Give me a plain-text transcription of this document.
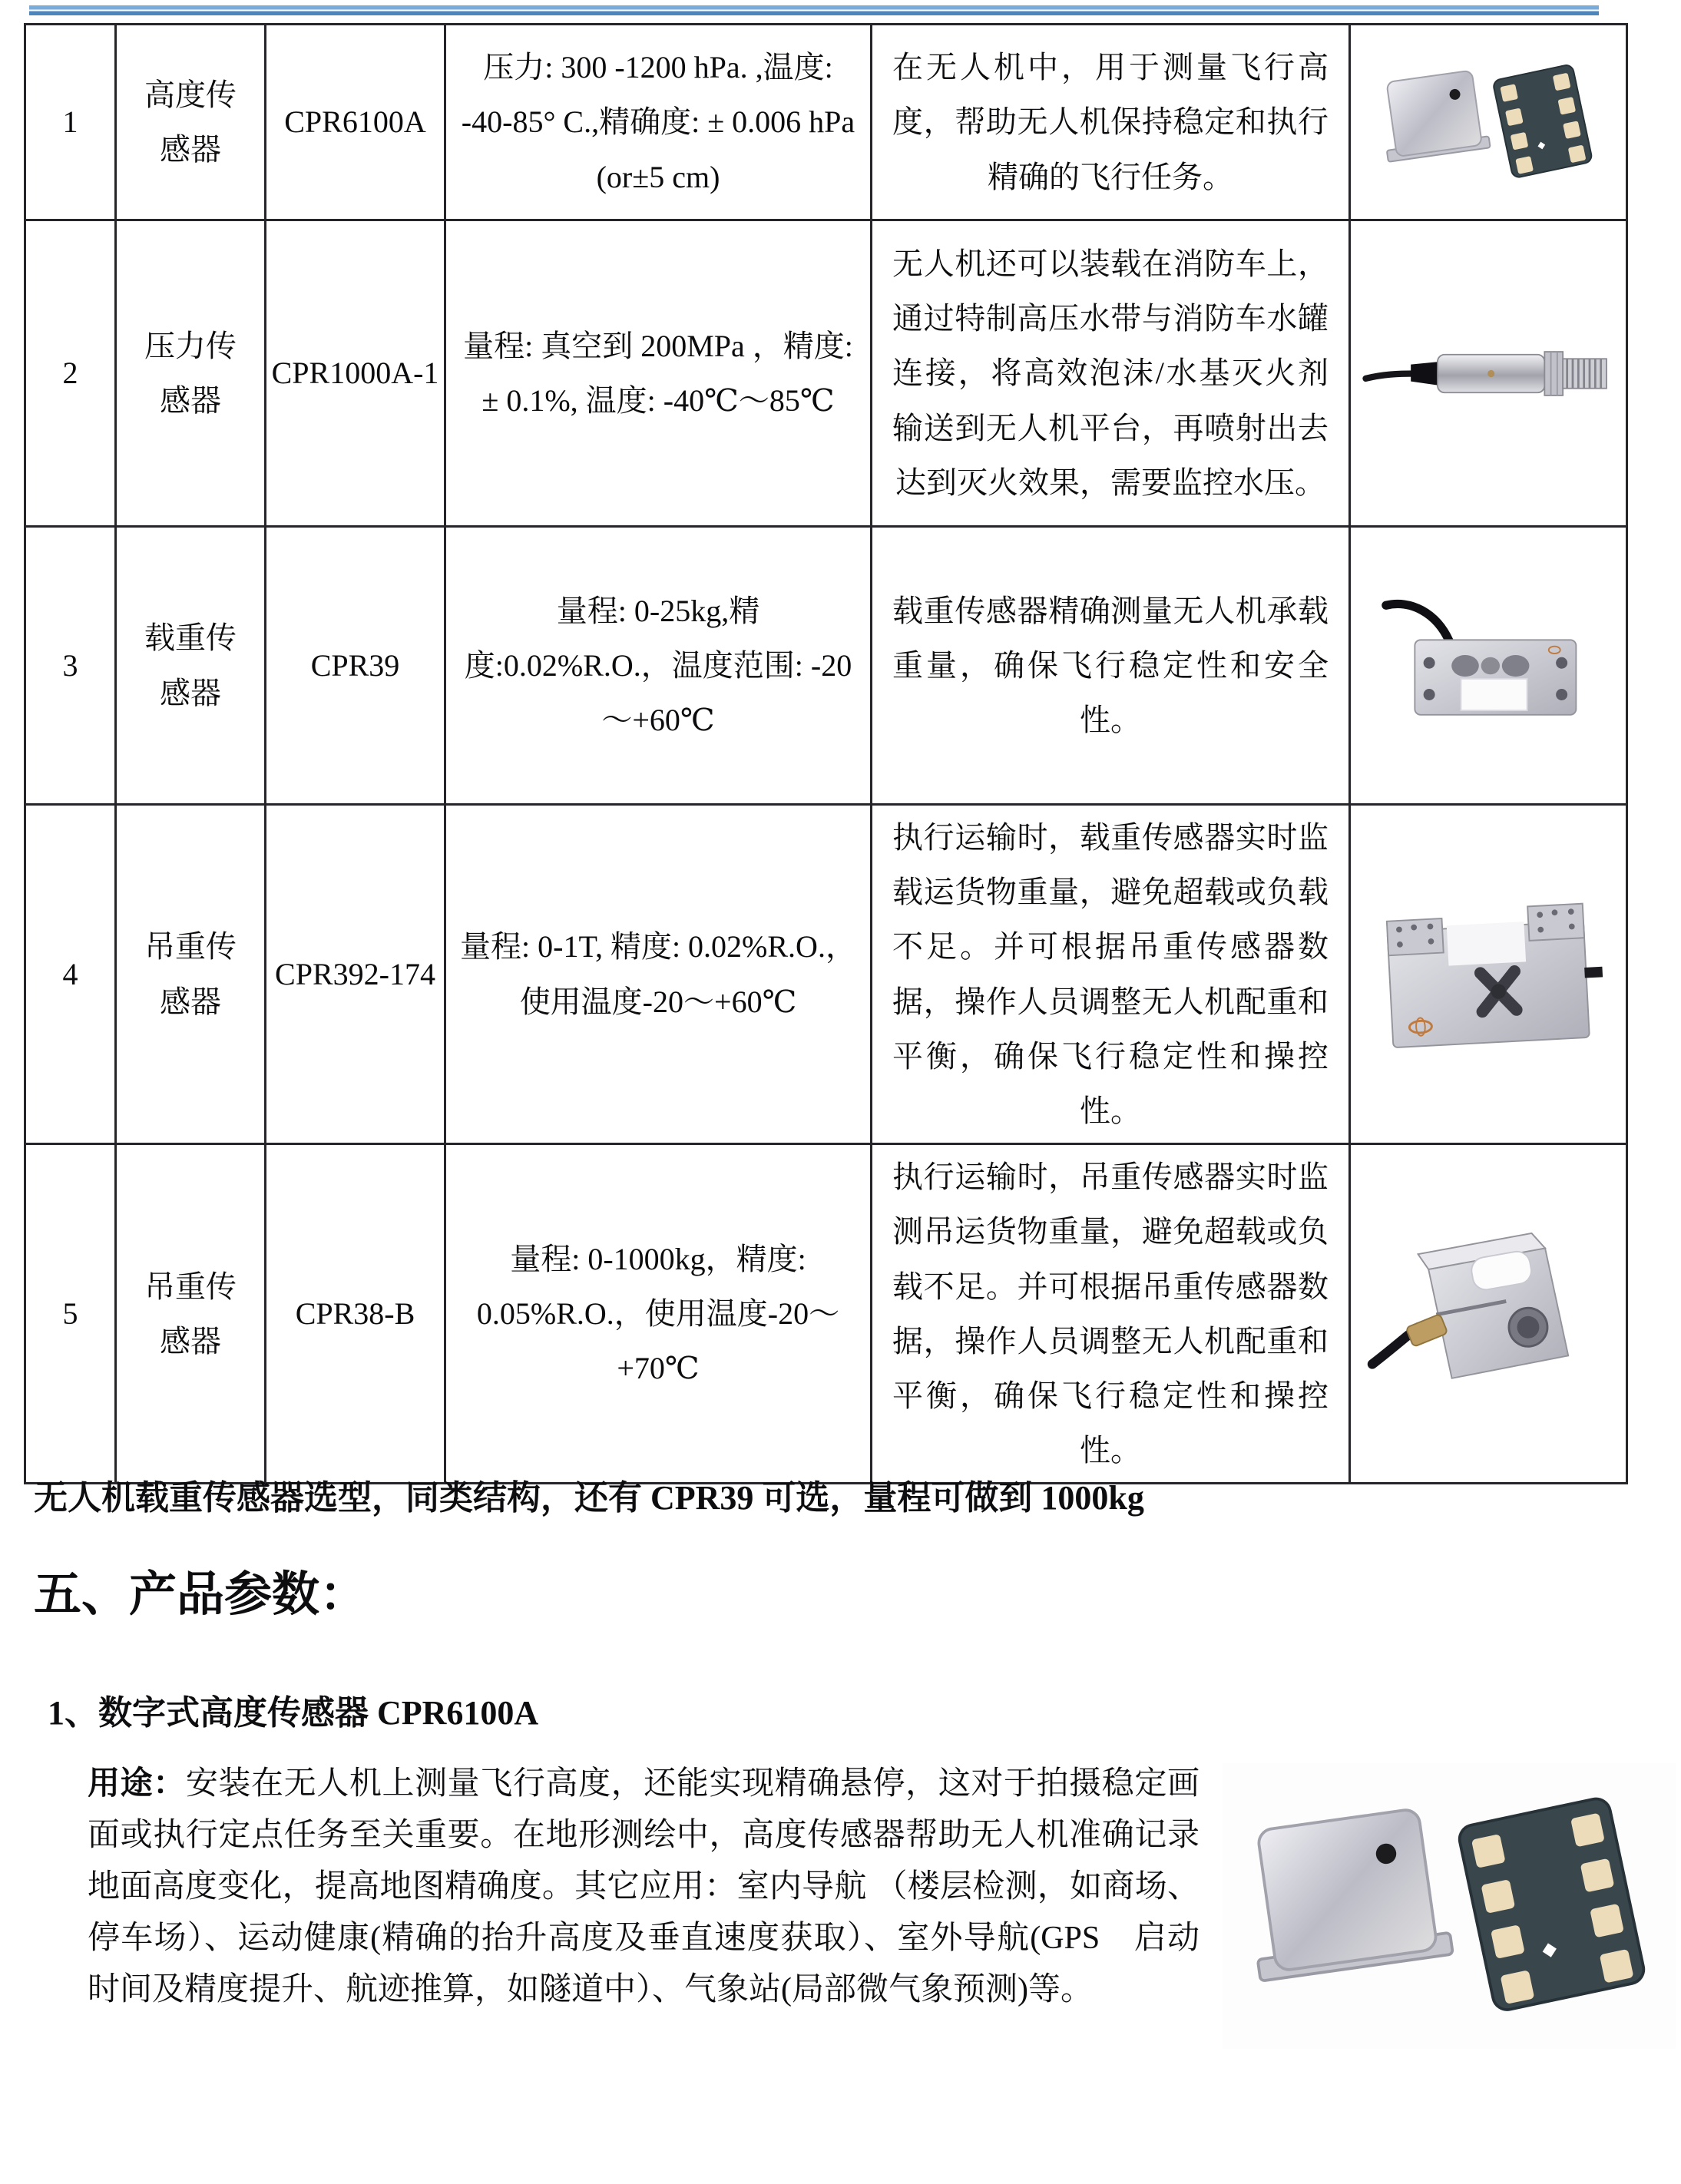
1	高度传感器	CPR6100A	压力: 300 -1200 hPa. ,温度: -40-85° C.,精确度: ± 0.006 hPa (or±5 cm)	在无人机中，用于测量飞行高度，帮助无人机保持稳定和执行精确的飞行任务。	

2	压力传感器	CPR1000A-1	量程: 真空到 200MPa ，精度: ± 0.1%, 温度: -40℃～85℃	无人机还可以装载在消防车上，通过特制高压水带与消防车水罐连接，将高效泡沫/水基灭火剂输送到无人机平台，再喷射出去达到灭火效果，需要监控水压。	

3	载重传感器	CPR39	量程: 0-25kg,精度:0.02%R.O.，温度范围: -20～+60℃	载重传感器精确测量无人机承载重量，确保飞行稳定性和安全性。	

4	吊重传感器	CPR392-174	量程: 0-1T, 精度: 0.02%R.O.，使用温度-20～+60℃	执行运输时，载重传感器实时监载运货物重量，避免超载或负载不足。并可根据吊重传感器数据，操作人员调整无人机配重和平衡，确保飞行稳定性和操控性。	

5	吊重传感器	CPR38-B	量程: 0-1000kg，精度: 0.05%R.O.，使用温度-20～+70℃	执行运输时，吊重传感器实时监测吊运货物重量，避免超载或负载不足。并可根据吊重传感器数据，操作人员调整无人机配重和平衡，确保飞行稳定性和操控性。	
无人机载重传感器选型，同类结构，还有 CPR39 可选，量程可做到 1000kg
五、产品参数：
1、数字式高度传感器 CPR6100A
用途：安装在无人机上测量飞行高度，还能实现精确悬停，这对于拍摄稳定画面或执行定点任务至关重要。在地形测绘中，高度传感器帮助无人机准确记录地面高度变化，提高地图精确度。其它应用：室内导航 （楼层检测，如商场、停车场）、运动健康(精确的抬升高度及垂直速度获取）、室外导航(GPS　启动时间及精度提升、航迹推算，如隧道中）、气象站(局部微气象预测)等。
